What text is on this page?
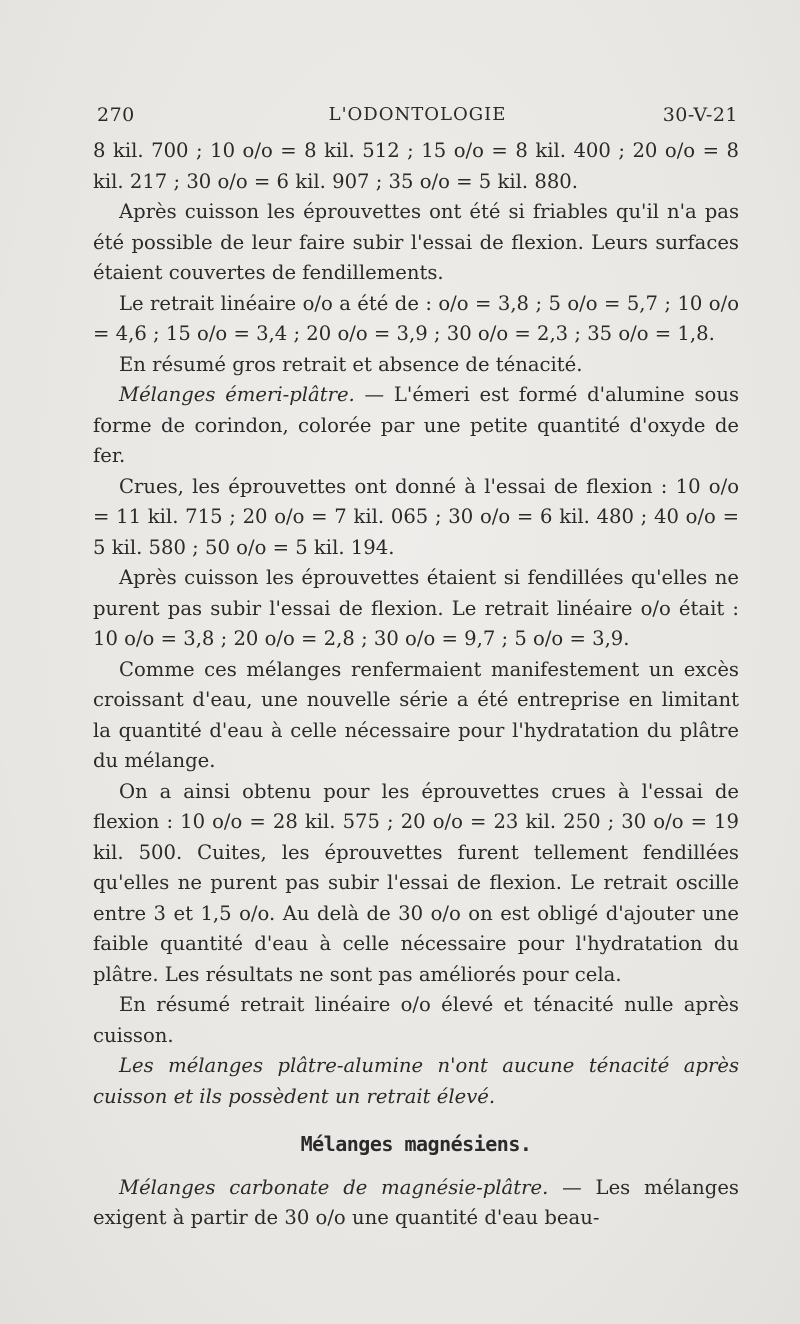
270	L'ODONTOLOGIE	30-V-21

8 kil. 700 ; 10 o/o = 8 kil. 512 ; 15 o/o = 8 kil. 400 ; 20 o/o = 8 kil. 217 ; 30 o/o = 6 kil. 907 ; 35 o/o = 5 kil. 880.

Après cuisson les éprouvettes ont été si friables qu'il n'a pas été possible de leur faire subir l'essai de flexion. Leurs surfaces étaient couvertes de fendillements.

Le retrait linéaire o/o a été de : o/o = 3,8 ; 5 o/o = 5,7 ; 10 o/o = 4,6 ; 15 o/o = 3,4 ; 20 o/o = 3,9 ; 30 o/o = 2,3 ; 35 o/o = 1,8.

En résumé gros retrait et absence de ténacité.

Mélanges émeri-plâtre. — L'émeri est formé d'alumine sous forme de corindon, colorée par une petite quantité d'oxyde de fer.

Crues, les éprouvettes ont donné à l'essai de flexion : 10 o/o = 11 kil. 715 ; 20 o/o = 7 kil. 065 ; 30 o/o = 6 kil. 480 ; 40 o/o = 5 kil. 580 ; 50 o/o = 5 kil. 194.

Après cuisson les éprouvettes étaient si fendillées qu'elles ne purent pas subir l'essai de flexion. Le retrait linéaire o/o était : 10 o/o = 3,8 ; 20 o/o = 2,8 ; 30 o/o = 9,7 ; 5 o/o = 3,9.

Comme ces mélanges renfermaient manifestement un excès croissant d'eau, une nouvelle série a été entreprise en limitant la quantité d'eau à celle nécessaire pour l'hydratation du plâtre du mélange.

On a ainsi obtenu pour les éprouvettes crues à l'essai de flexion : 10 o/o = 28 kil. 575 ; 20 o/o = 23 kil. 250 ; 30 o/o = 19 kil. 500. Cuites, les éprouvettes furent tellement fendillées qu'elles ne purent pas subir l'essai de flexion. Le retrait oscille entre 3 et 1,5 o/o. Au delà de 30 o/o on est obligé d'ajouter une faible quantité d'eau à celle nécessaire pour l'hydratation du plâtre. Les résultats ne sont pas améliorés pour cela.

En résumé retrait linéaire o/o élevé et ténacité nulle après cuisson.

Les mélanges plâtre-alumine n'ont aucune ténacité après cuisson et ils possèdent un retrait élevé.

Mélanges magnésiens.

Mélanges carbonate de magnésie-plâtre. — Les mélanges exigent à partir de 30 o/o une quantité d'eau beau-
